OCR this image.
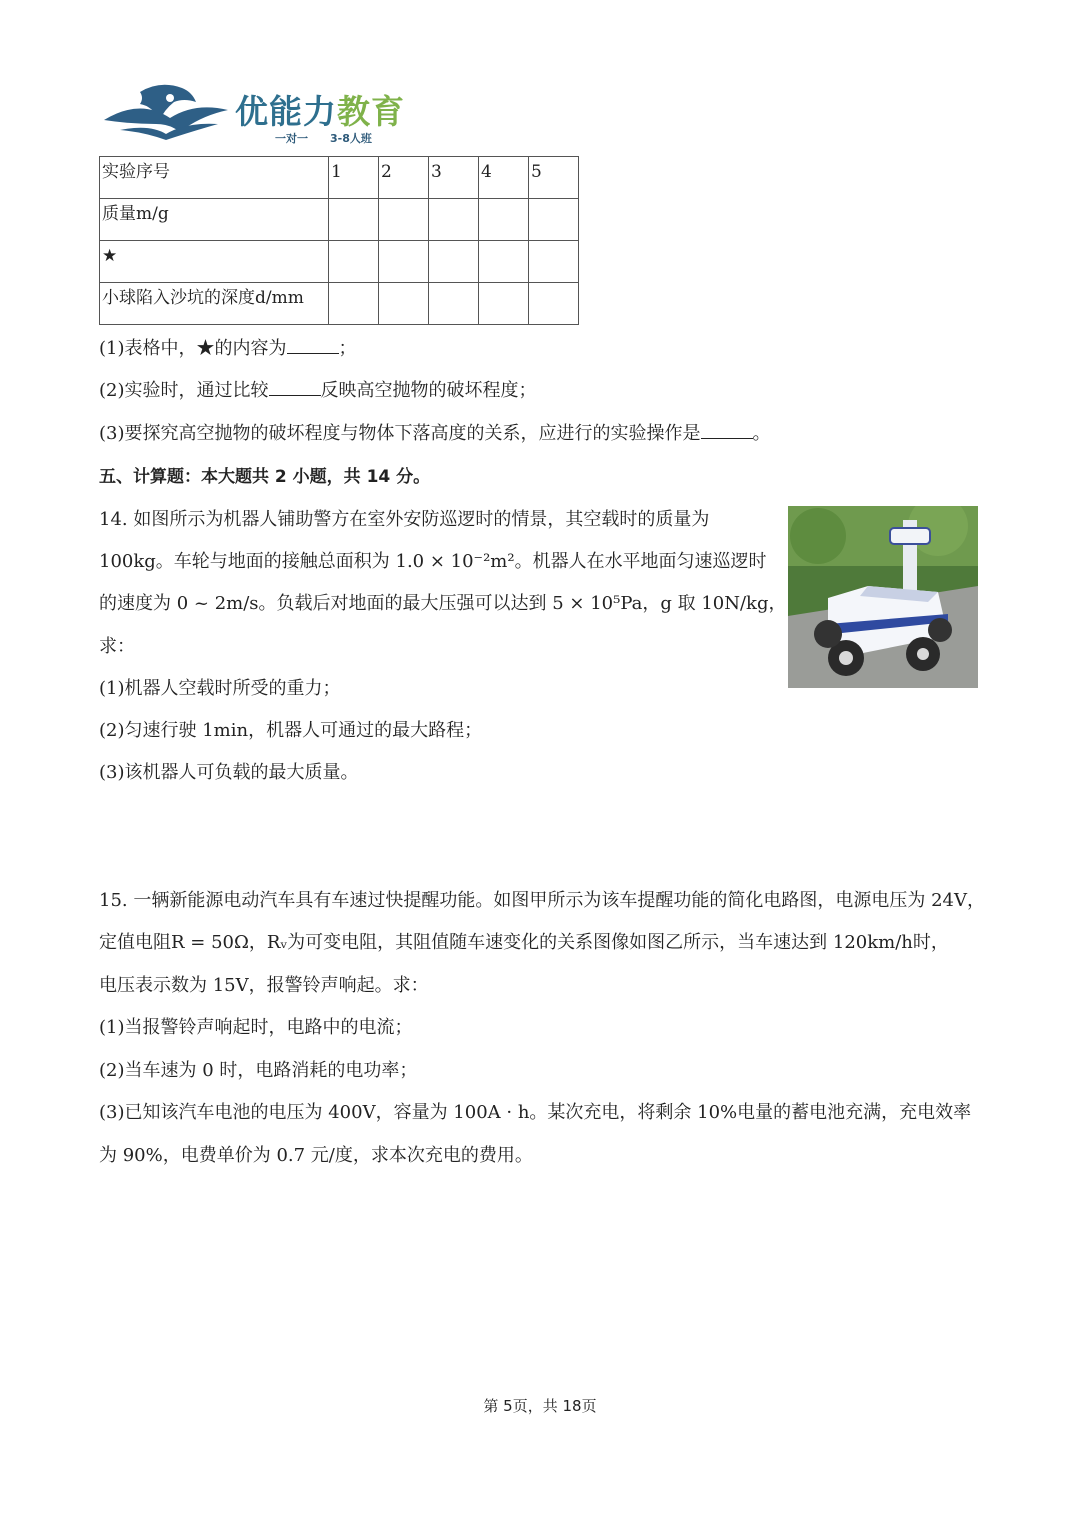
优能力教育
一对一 3-8人班
实验序号	1	2	3	4	5
质量m/g					
★					
小球陷入沙坑的深度d/mm					
(1)表格中，★的内容为	；
(2)实验时，通过比较	反映高空抛物的破坏程度；
(3)要探究高空抛物的破坏程度与物体下落高度的关系，应进行的实验操作是	。
五、计算题：本大题共 2 小题，共 14 分。
14. 如图所示为机器人铺助警方在室外安防巡逻时的情景，其空载时的质量为
100kg。车轮与地面的接触总面积为 1.0 × 10⁻²m²。机器人在水平地面匀速巡逻时
的速度为 0 ~ 2m/s。负载后对地面的最大压强可以达到 5 × 10⁵Pa，g 取 10N/kg，
求：
(1)机器人空载时所受的重力；
(2)匀速行驶 1min，机器人可通过的最大路程；
(3)该机器人可负载的最大质量。
15. 一辆新能源电动汽车具有车速过快提醒功能。如图甲所示为该车提醒功能的简化电路图，电源电压为 24V，
定值电阻R = 50Ω，Rᵥ为可变电阻，其阻值随车速变化的关系图像如图乙所示，当车速达到 120km/h时，
电压表示数为 15V，报警铃声响起。求：
(1)当报警铃声响起时，电路中的电流；
(2)当车速为 0 时，电路消耗的电功率；
(3)已知该汽车电池的电压为 400V，容量为 100A · h。某次充电，将剩余 10%电量的蓄电池充满，充电效率
为 90%，电费单价为 0.7 元/度，求本次充电的费用。
第 5页，共 18页
